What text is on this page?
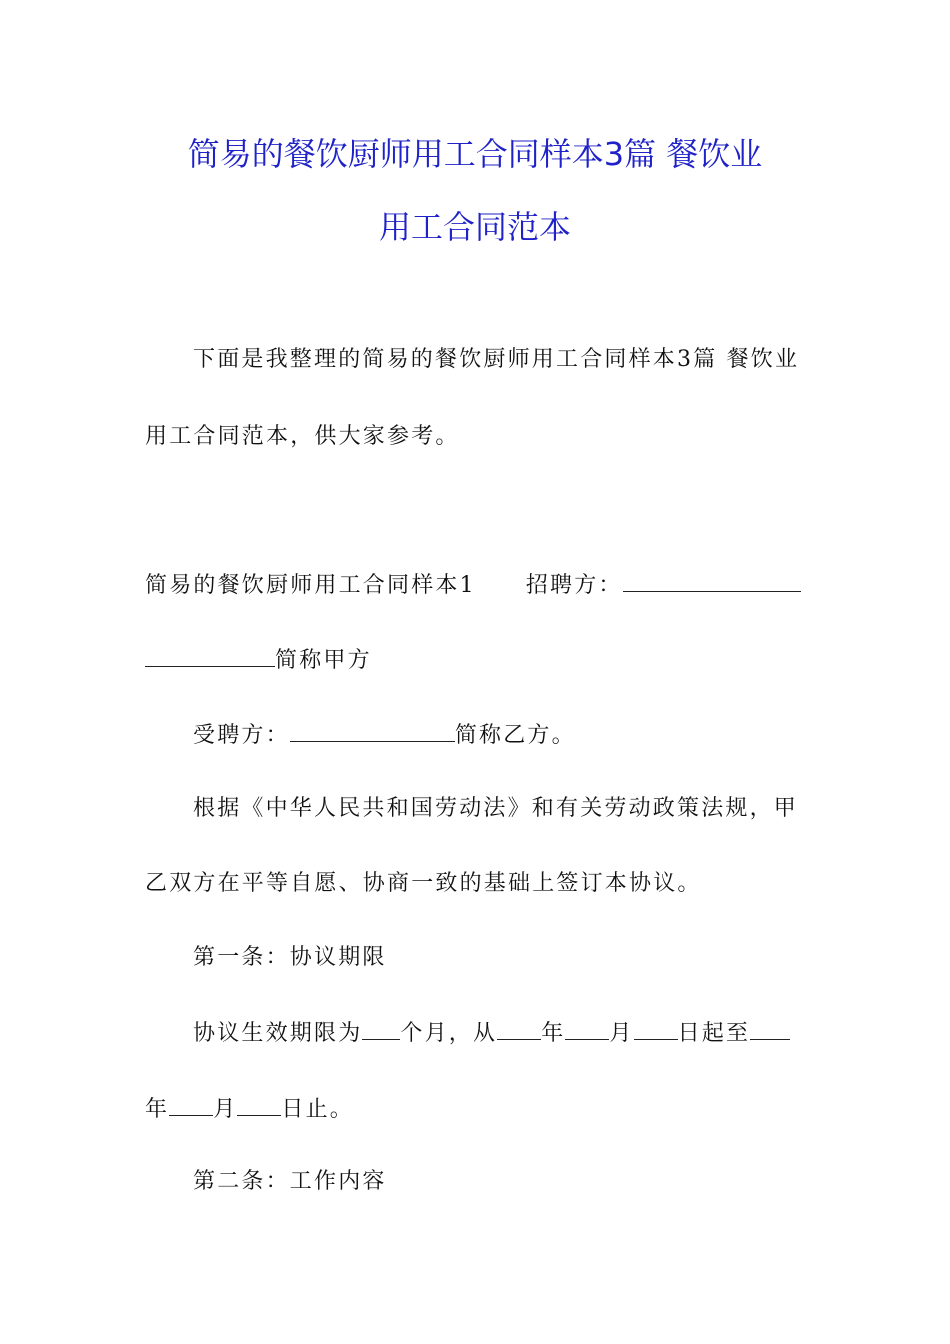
简易的餐饮厨师用工合同样本3篇 餐饮业
用工合同范本
下面是我整理的简易的餐饮厨师用工合同样本3篇 餐饮业
用工合同范本，供大家参考。
简易的餐饮厨师用工合同样本1 招聘方：
简称甲方
受聘方：	简称乙方。
根据《中华人民共和国劳动法》和有关劳动政策法规，甲
乙双方在平等自愿、协商一致的基础上签订本协议。
第一条：协议期限
协议生效期限为 个月，从 年 月 日起至
年 月 日止。
第二条：工作内容
